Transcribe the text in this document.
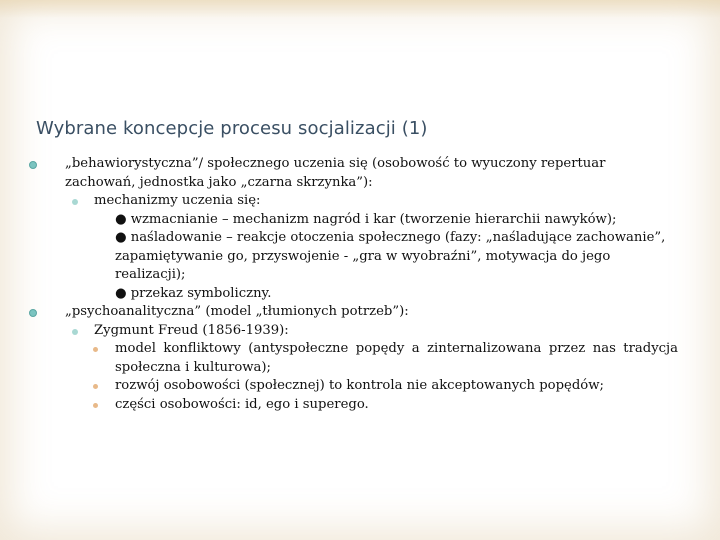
Wybrane koncepcje procesu socjalizacji (1)
„behawiorystyczna”/ społecznego uczenia się (osobowość to wyuczony repertuar zachowań, jednostka jako „czarna skrzynka”):
mechanizmy uczenia się:
● wzmacnianie – mechanizm nagród i kar (tworzenie hierarchii nawyków);
● naśladowanie – reakcje otoczenia społecznego (fazy: „naśladujące zachowanie”, zapamiętywanie go, przyswojenie - „gra w wyobraźni”, motywacja do jego realizacji);
● przekaz symboliczny.
„psychoanalityczna” (model „tłumionych potrzeb”):
Zygmunt Freud (1856-1939):
model konfliktowy (antyspołeczne popędy a zinternalizowana przez nas tradycja społeczna i kulturowa);
rozwój osobowości (społecznej) to kontrola nie akceptowanych popędów;
części osobowości: id, ego i superego.
